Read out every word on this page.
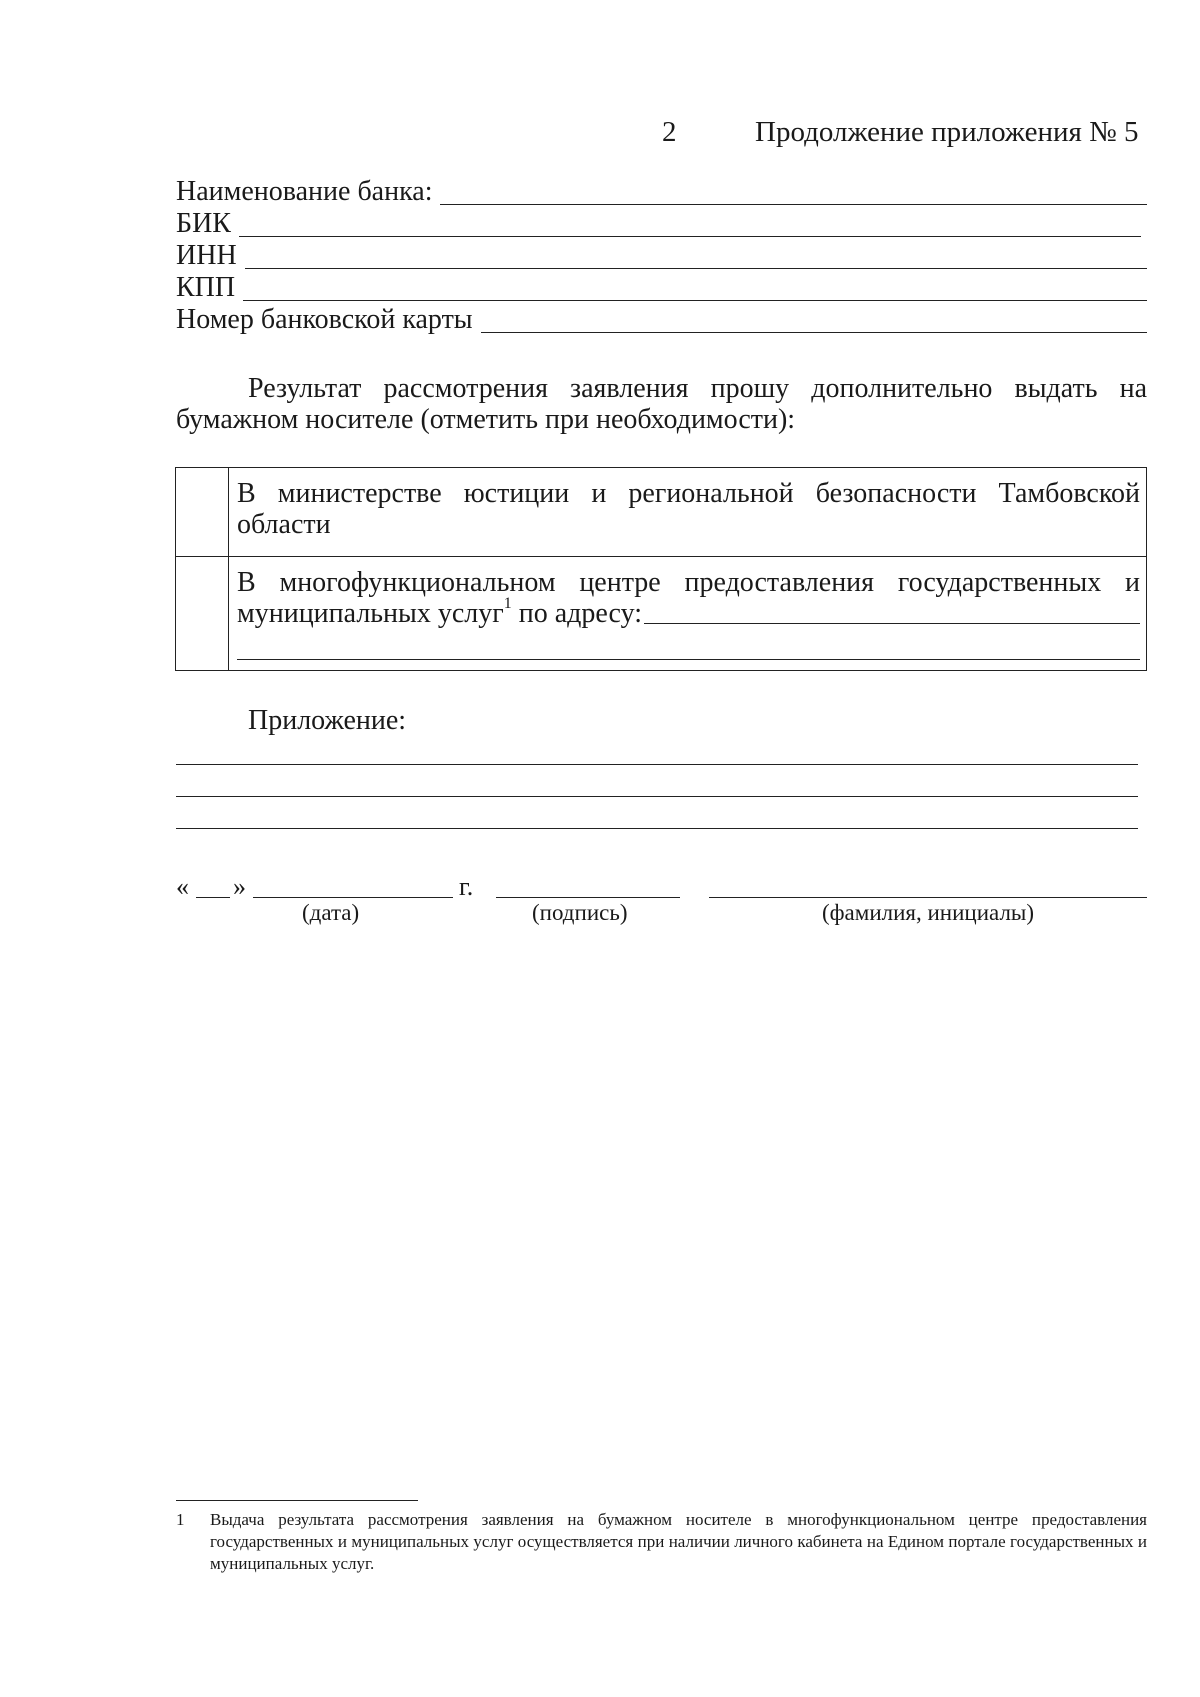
2	Продолжение приложения № 5
Наименование банка:
БИК
ИНН
КПП
Номер банковской карты
Результат рассмотрения заявления прошу дополнительно выдать на бумажном носителе (отметить при необходимости):
	В министерстве юстиции и региональной безопасности Тамбовской области

	В многофункциональном центре предоставления государственных и
муниципальных услуг$^1$ по адресу:
Приложение:
« »	г.
(дата)	(подпись)	(фамилия, инициалы)
1 Выдача результата рассмотрения заявления на бумажном носителе в многофункциональном центре предоставления государственных и муниципальных услуг осуществляется при наличии личного кабинета на Едином портале государственных и муниципальных услуг.
